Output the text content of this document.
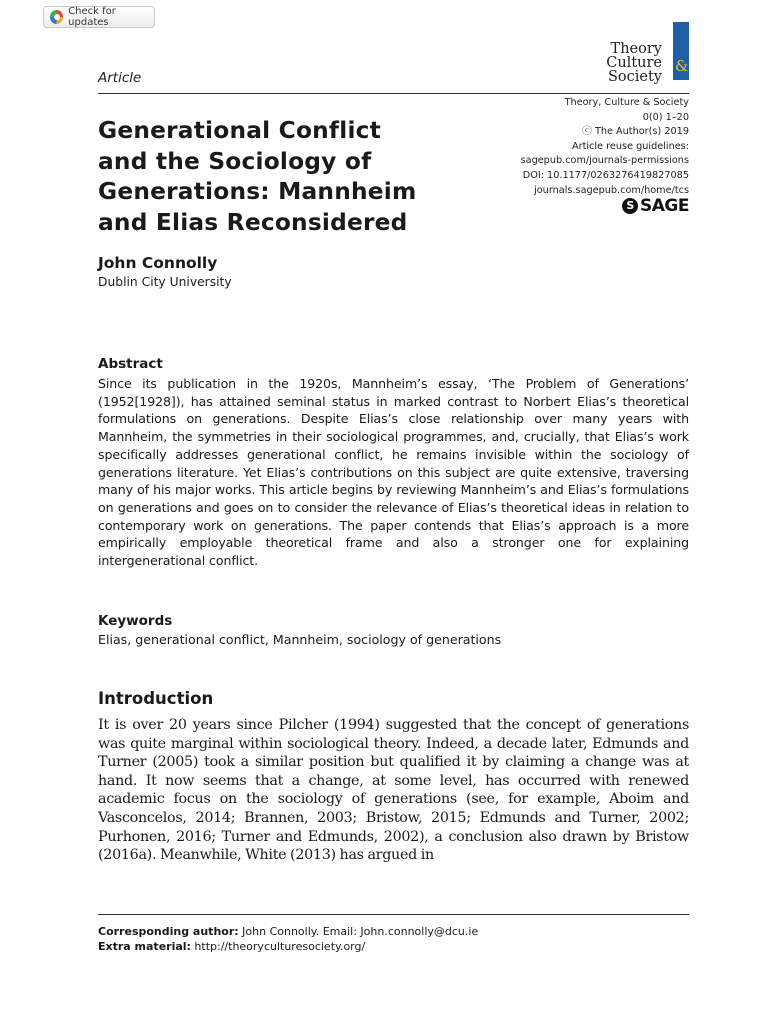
Check for updates
Theory
Culture
Society
&
Article
Theory, Culture & Society
0(0) 1–20
ⓒ The Author(s) 2019
Article reuse guidelines:
sagepub.com/journals-permissions
DOI: 10.1177/0263276419827085
journals.sagepub.com/home/tcs
S SAGE
Generational Conflict
and the Sociology of
Generations: Mannheim
and Elias Reconsidered
John Connolly
Dublin City University
Abstract
Since its publication in the 1920s, Mannheim’s essay, ‘The Problem of Generations’ (1952[1928]), has attained seminal status in marked contrast to Norbert Elias’s theoretical formulations on generations. Despite Elias’s close relationship over many years with Mannheim, the symmetries in their sociological programmes, and, crucially, that Elias’s work specifically addresses generational conflict, he remains invisible within the sociology of generations literature. Yet Elias’s contributions on this subject are quite extensive, traversing many of his major works. This article begins by reviewing Mannheim’s and Elias’s formulations on generations and goes on to consider the relevance of Elias’s theoretical ideas in relation to contemporary work on generations. The paper contends that Elias’s approach is a more empirically employable theoretical frame and also a stronger one for explaining intergenerational conflict.
Keywords
Elias, generational conflict, Mannheim, sociology of generations
Introduction
It is over 20 years since Pilcher (1994) suggested that the concept of generations was quite marginal within sociological theory. Indeed, a decade later, Edmunds and Turner (2005) took a similar position but qualified it by claiming a change was at hand. It now seems that a change, at some level, has occurred with renewed academic focus on the sociology of generations (see, for example, Aboim and Vasconcelos, 2014; Brannen, 2003; Bristow, 2015; Edmunds and Turner, 2002; Purhonen, 2016; Turner and Edmunds, 2002), a conclusion also drawn by Bristow (2016a). Meanwhile, White (2013) has argued in
Corresponding author: John Connolly. Email: John.connolly@dcu.ie
Extra material: http://theoryculturesociety.org/
